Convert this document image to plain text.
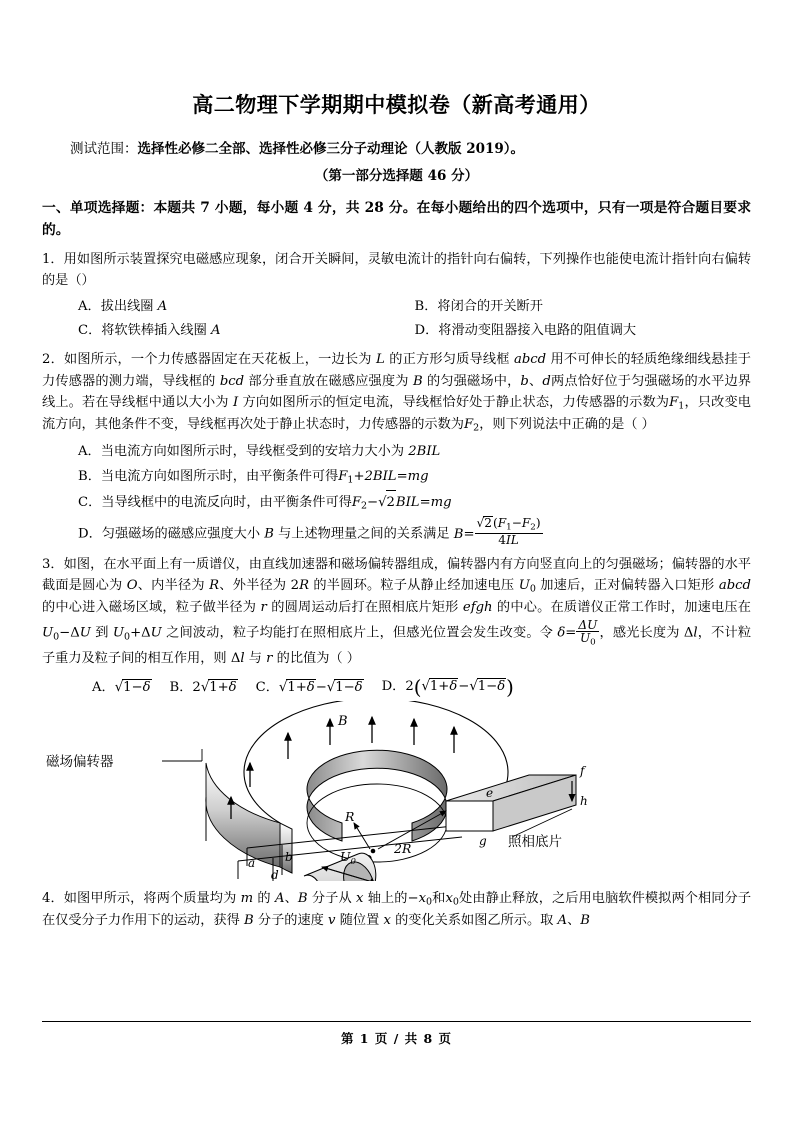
高二物理下学期期中模拟卷（新高考通用）
测试范围：选择性必修二全部、选择性必修三分子动理论（人教版 2019）。
（第一部分选择题 46 分）
一、单项选择题：本题共 7 小题，每小题 4 分，共 28 分。在每小题给出的四个选项中，只有一项是符合题目要求的。
1．用如图所示装置探究电磁感应现象，闭合开关瞬间，灵敏电流计的指针向右偏转，下列操作也能使电流计指针向右偏转的是（）
A．拔出线圈 A	B．将闭合的开关断开
C．将软铁棒插入线圈 A	D．将滑动变阻器接入电路的阻值调大
2．如图所示，一个力传感器固定在天花板上，一边长为 L 的正方形匀质导线框 abcd 用不可伸长的轻质绝缘细线悬挂于力传感器的测力端，导线框的 bcd 部分垂直放在磁感应强度为 B 的匀强磁场中，b、d两点恰好位于匀强磁场的水平边界线上。若在导线框中通以大小为 I 方向如图所示的恒定电流，导线框恰好处于静止状态，力传感器的示数为$F_1$，只改变电流方向，其他条件不变，导线框再次处于静止状态时，力传感器的示数为$F_2$，则下列说法中正确的是（ ）
A．当电流方向如图所示时，导线框受到的安培力大小为 2BIL
B．当电流方向如图所示时，由平衡条件可得$F_1+2BIL=mg$
C．当导线框中的电流反向时，由平衡条件可得$F_2-√2BIL=mg$
D．匀强磁场的磁感应强度大小 B 与上述物理量之间的关系满足 $B= \frac{√2(F_1-F_2)}{4IL}$
3．如图，在水平面上有一质谱仪，由直线加速器和磁场偏转器组成，偏转器内有方向竖直向上的匀强磁场；偏转器的水平截面是圆心为 O、内半径为 R、外半径为 2R 的半圆环。粒子从静止经加速电压 $U_0$ 加速后，正对偏转器入口矩形 abcd 的中心进入磁场区域，粒子做半径为 r 的圆周运动后打在照相底片矩形 efgh 的中心。在质谱仪正常工作时，加速电压在 $U_0-\Delta U$ 到 $U_0+\Delta U$ 之间波动，粒子均能打在照相底片上，但感光位置会发生改变。令 $\delta= \frac{\Delta U}{U_0}$ ，感光长度为 Δl，不计粒子重力及粒子间的相互作用，则 Δl 与 r 的比值为（ ）
A．√1−δ B．2√1+δ C．√1+δ−√1−δ D．2(√1+δ−√1−δ)
B
e
f
h
g 照相底片
R
2R
a b
d
$U_0$
磁场偏转器
4．如图甲所示，将两个质量均为 m 的 A、B 分子从 x 轴上的$-x_0$和$x_0$处由静止释放，之后用电脑软件模拟两个相同分子在仅受分子力作用下的运动，获得 B 分子的速度 v 随位置 x 的变化关系如图乙所示。取 A、B
第 1 页 / 共 8 页
